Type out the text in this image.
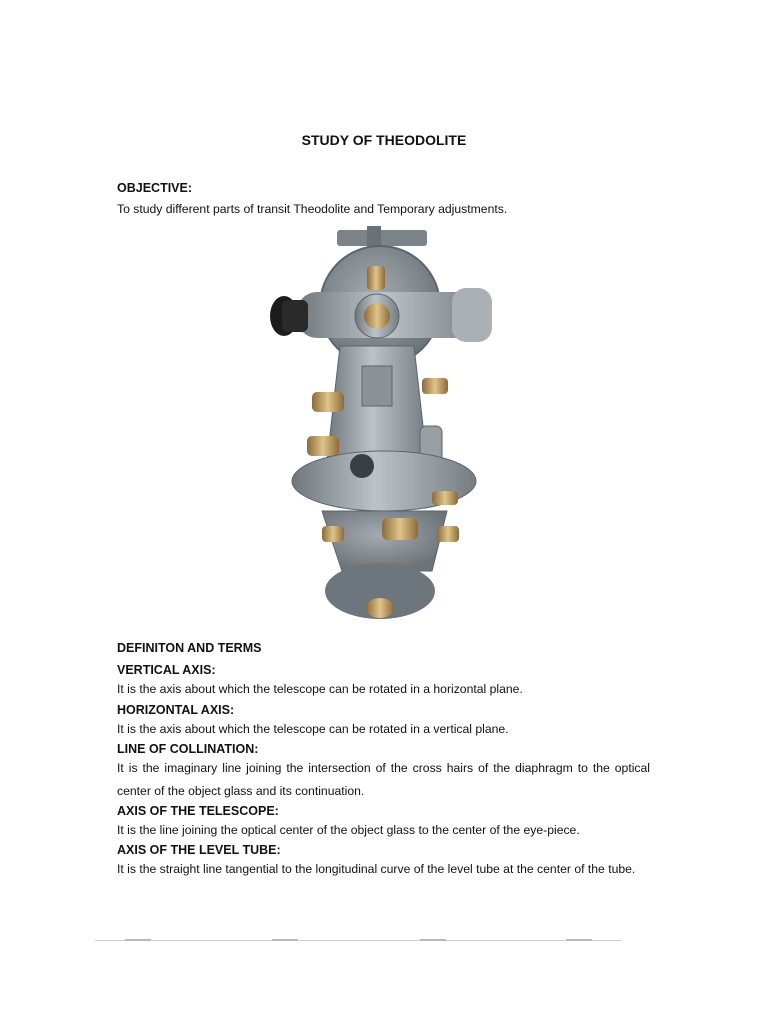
STUDY OF THEODOLITE
OBJECTIVE:
To study different parts of transit Theodolite and Temporary adjustments.
DEFINITON AND TERMS
VERTICAL AXIS:
It is the axis about which the telescope can be rotated in a horizontal plane.
HORIZONTAL AXIS:
It is the axis about which the telescope can be rotated in a vertical plane.
LINE OF COLLINATION:
It is the imaginary line joining the intersection of the cross hairs of the diaphragm to the optical center of the object glass and its continuation.
AXIS OF THE TELESCOPE:
It is the line joining the optical center of the object glass to the center of the eye-piece.
AXIS OF THE LEVEL TUBE:
It is the straight line tangential to the longitudinal curve of the level tube at the center of the tube.
